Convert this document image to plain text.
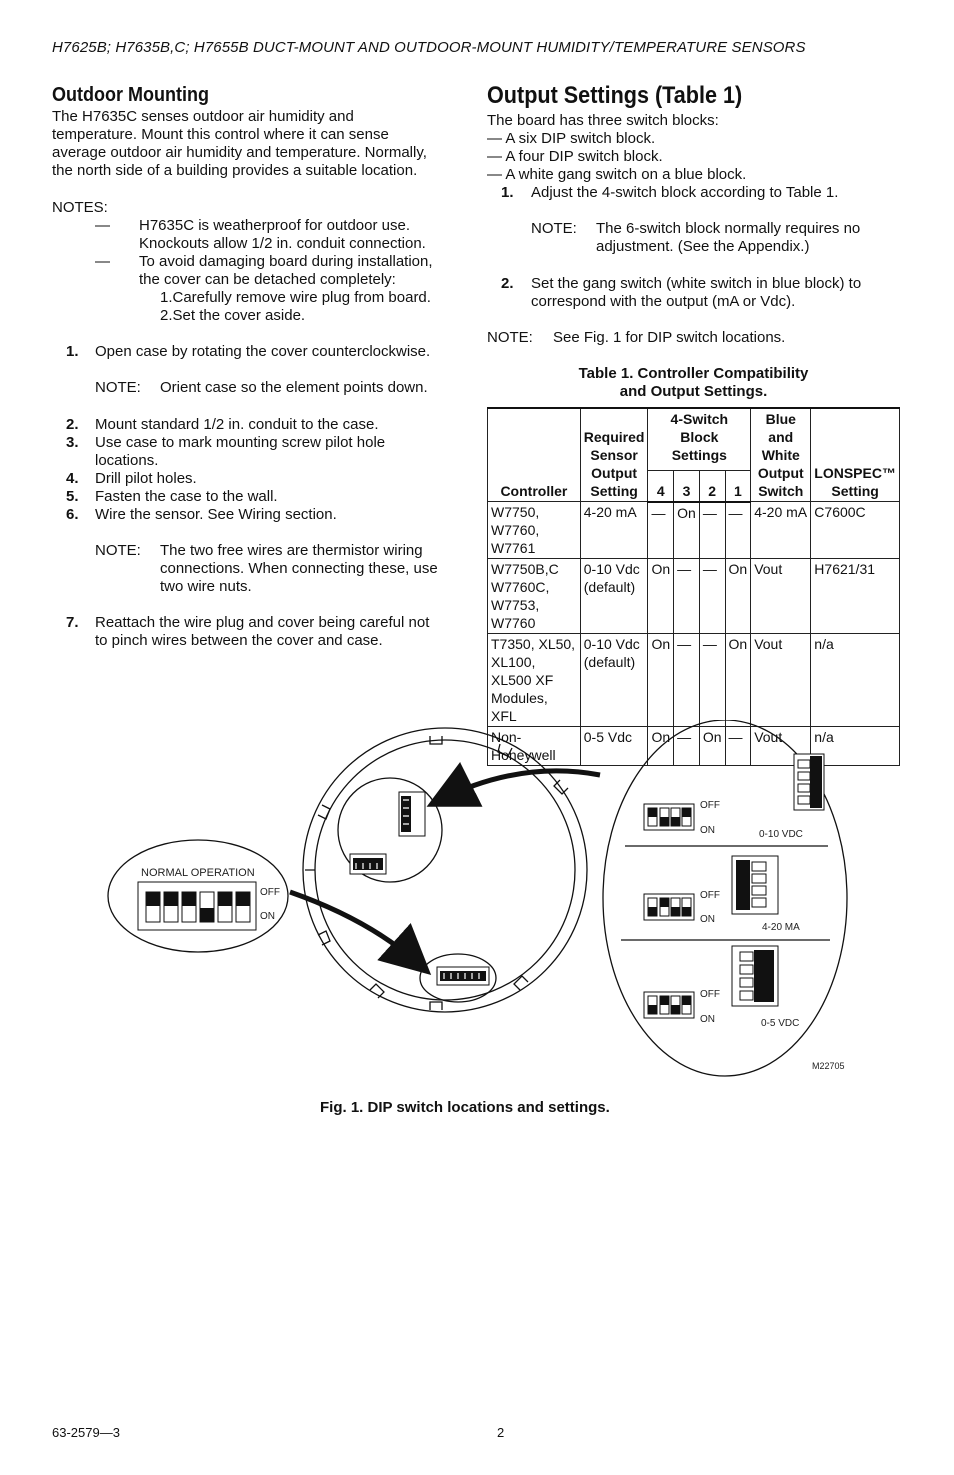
H7625B; H7635B,C; H7655B DUCT-MOUNT AND OUTDOOR-MOUNT HUMIDITY/TEMPERATURE SENSORS
Outdoor Mounting
The H7635C senses outdoor air humidity and
temperature. Mount this control where it can sense
average outdoor air humidity and temperature. Normally,
the north side of a building provides a suitable location.
NOTES:
— H7635C is weatherproof for outdoor use.
Knockouts allow 1/2 in. conduit connection.
— To avoid damaging board during installation,
the cover can be detached completely:
1.Carefully remove wire plug from board.
2.Set the cover aside.
1. Open case by rotating the cover counterclockwise.
NOTE: Orient case so the element points down.
2. Mount standard 1/2 in. conduit to the case.
3. Use case to mark mounting screw pilot hole
locations.
4. Drill pilot holes.
5. Fasten the case to the wall.
6. Wire the sensor. See Wiring section.
NOTE: The two free wires are thermistor wiring
connections. When connecting these, use
two wire nuts.
7. Reattach the wire plug and cover being careful not
to pinch wires between the cover and case.
Output Settings (Table 1)
The board has three switch blocks:
— A six DIP switch block.
— A four DIP switch block.
— A white gang switch on a blue block.
1. Adjust the 4-switch block according to Table 1.
NOTE: The 6-switch block normally requires no
adjustment. (See the Appendix.)
2. Set the gang switch (white switch in blue block) to
correspond with the output (mA or Vdc).
NOTE: See Fig. 1 for DIP switch locations.
Table 1. Controller Compatibility
and Output Settings.
Controller	Required Sensor Output Setting	4-Switch Block Settings				Blue and White Output Switch	LONSPEC™ Setting
		4	3	2	1		
W7750, W7760, W7761	4-20 mA	—	On	—	—	4-20 mA	C7600C
W7750B,C W7760C, W7753, W7760	0-10 Vdc (default)	On	—	—	On	Vout	H7621/31
T7350, XL50, XL100, XL500 XF Modules, XFL	0-10 Vdc (default)	On	—	—	On	Vout	n/a
Non-Honeywell	0-5 Vdc	On	—	On	—	Vout	n/a
NORMAL OPERATION
OFF
ON
OFF
ON	0-10 VDC
OFF
ON
4-20 MA
OFF
ON	0-5 VDC
M22705
Fig. 1. DIP switch locations and settings.
63-2579—3	2
